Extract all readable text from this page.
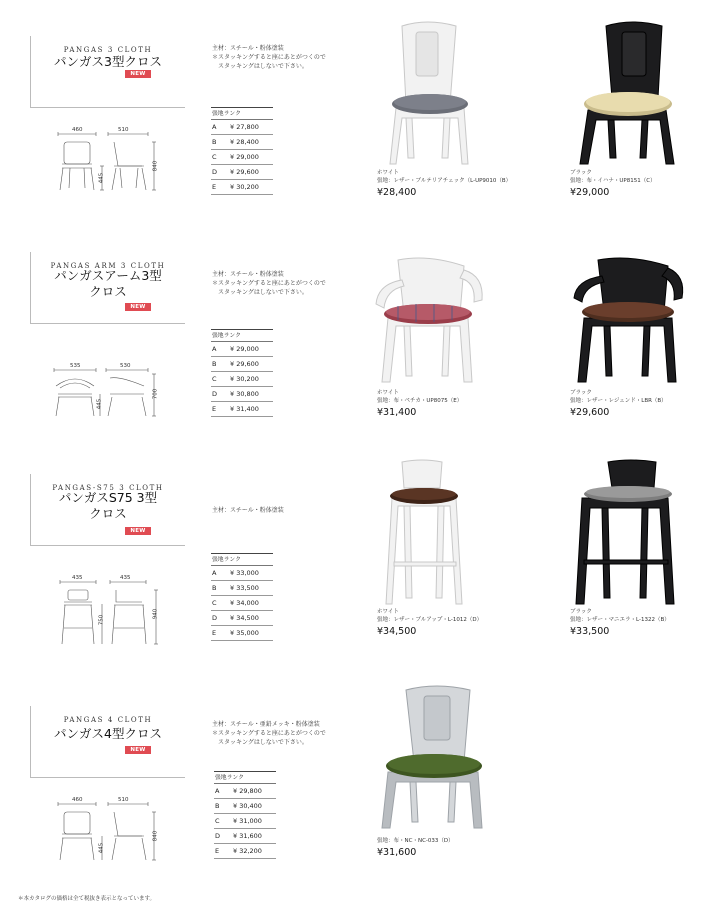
PANGAS 3 CLOTH
パンガス3型クロス
NEW
主材：スチール・粉体塗装
＊スタッキングすると座にあとがつくので
　スタッキングはしないで下さい。
張地ランク
A	¥ 27,800
B	¥ 28,400
C	¥ 29,000
D	¥ 29,600
E	¥ 30,200
460	510
445
840
ホワイト
張地：レザー・ブルテリアチェック（L-UP9010（B）
¥28,400
ブラック
張地：布・イハナ・UP8151（C）
¥29,000
PANGAS ARM 3 CLOTH
パンガスアーム3型
クロス
NEW
主材：スチール・粉体塗装
＊スタッキングすると座にあとがつくので
　スタッキングはしないで下さい。
張地ランク
A	¥ 29,000
B	¥ 29,600
C	¥ 30,200
D	¥ 30,800
E	¥ 31,400
535	530
445
700	ホワイト
張地：布・ペチカ・UP8075（E）
¥31,400
ブラック
張地：レザー・レジェンド・LBR（B）
¥29,600
PANGAS-S75 3 CLOTH
パンガスS75 3型
クロス
NEW
主材：スチール・粉体塗装
張地ランク
A	¥ 33,000
B	¥ 33,500
C	¥ 34,000
D	¥ 34,500
E	¥ 35,000
435	435
750
940	ホワイト
張地：レザー・ブルアップ・L-1012（D）
¥34,500
ブラック
張地：レザー・マニエラ・L-1322（B）
¥33,500
PANGAS 4 CLOTH
パンガス4型クロス
NEW
主材：スチール・亜鉛メッキ・粉体塗装
＊スタッキングすると座にあとがつくので
　スタッキングはしないで下さい。
張地ランク
A	¥ 29,800
B	¥ 30,400
C	¥ 31,000
D	¥ 31,600
E	¥ 32,200
460	510
445
840	張地：布・NC・NC-033（D）
¥31,600
＊本カタログの価格は全て税抜き表示となっています。
